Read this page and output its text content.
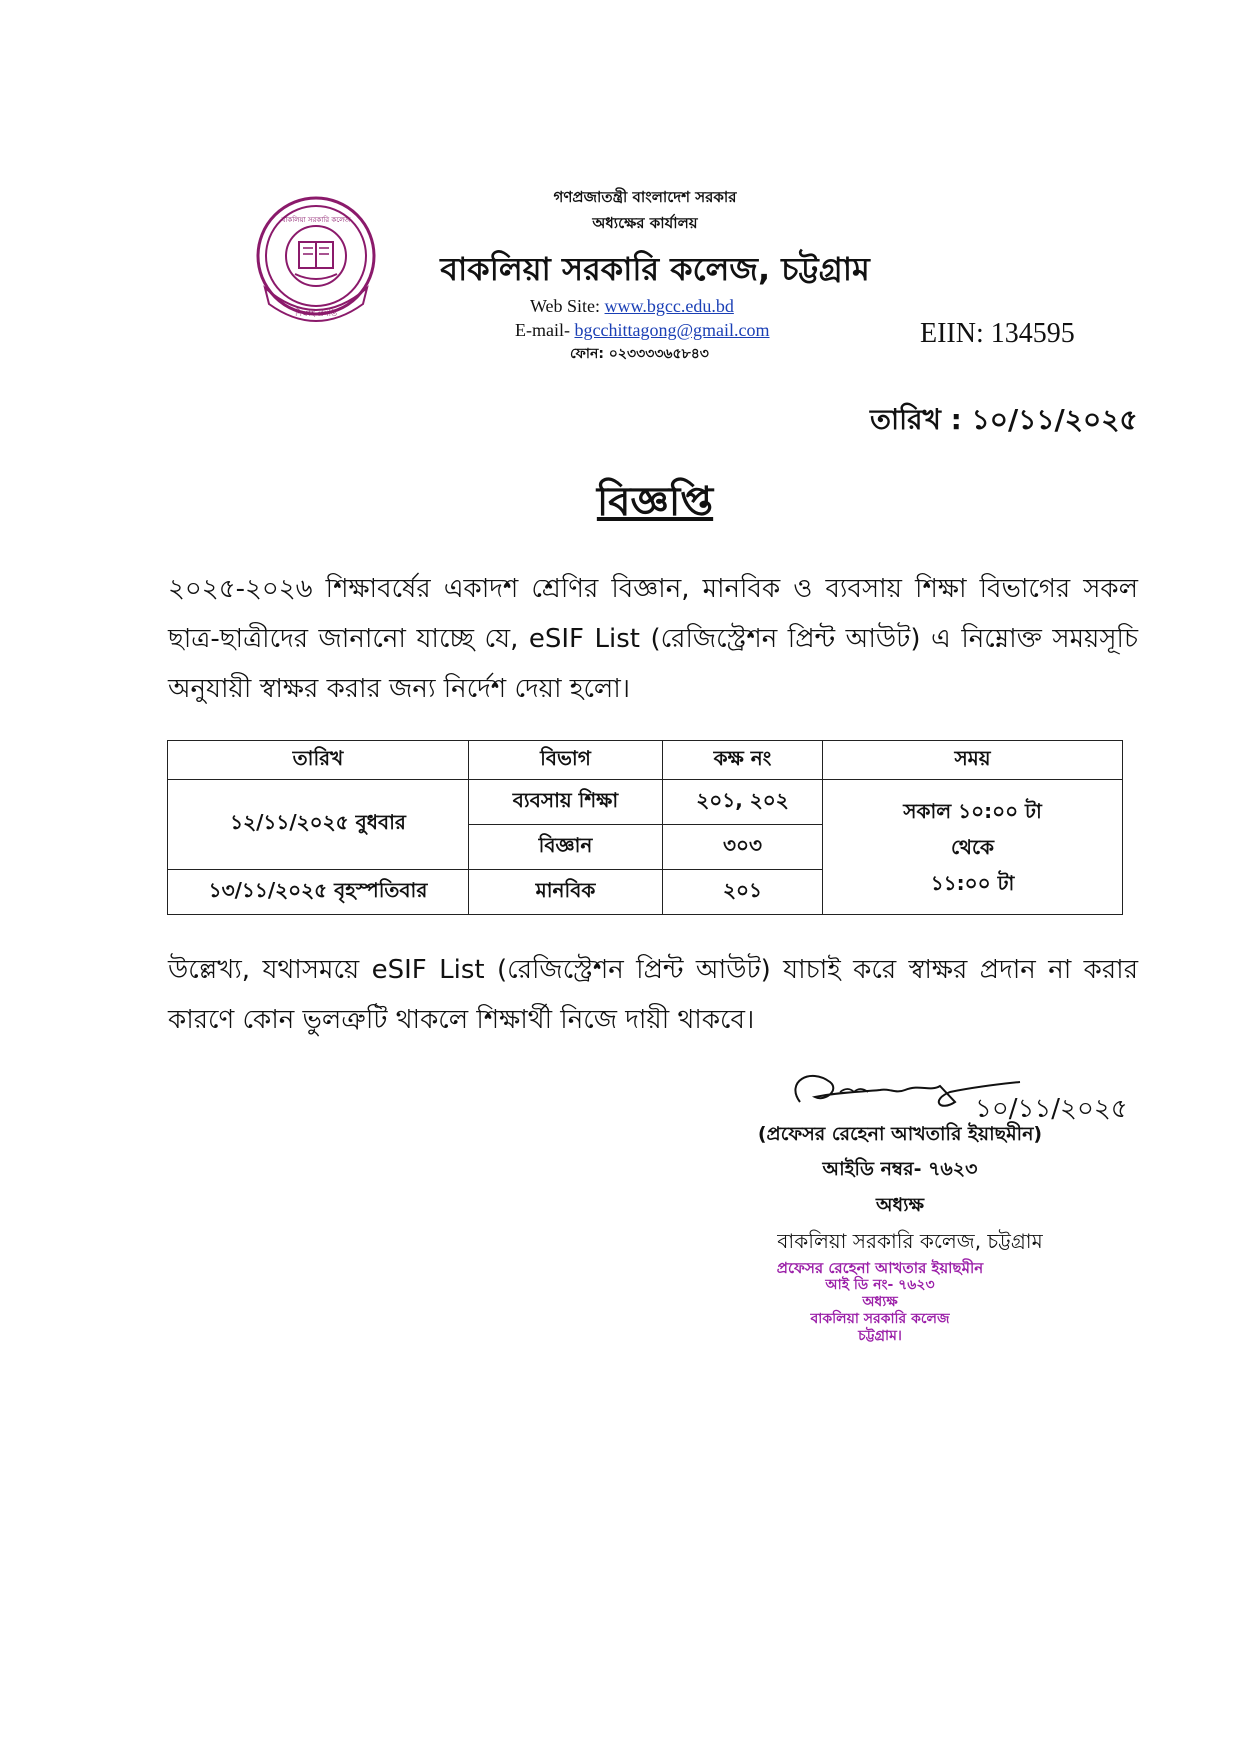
শিক্ষাই প্রগতি
বাকলিয়া সরকারি কলেজ
গণপ্রজাতন্ত্রী বাংলাদেশ সরকার
অধ্যক্ষের কার্যালয়
বাকলিয়া সরকারি কলেজ, চট্টগ্রাম
Web Site: www.bgcc.edu.bd
E-mail- bgcchittagong@gmail.com
ফোন: ০২৩৩৩৩৬৫৮৪৩
EIIN: 134595
তারিখ : ১০/১১/২০২৫
বিজ্ঞপ্তি
২০২৫-২০২৬ শিক্ষাবর্ষের একাদশ শ্রেণির বিজ্ঞান, মানবিক ও ব্যবসায় শিক্ষা বিভাগের সকল ছাত্র-ছাত্রীদের জানানো যাচ্ছে যে, eSIF List (রেজিস্ট্রেশন প্রিন্ট আউট) এ নিম্নোক্ত সময়সূচি অনুযায়ী স্বাক্ষর করার জন্য নির্দেশ দেয়া হলো।
তারিখ	বিভাগ	কক্ষ নং	সময়
১২/১১/২০২৫ বুধবার	ব্যবসায় শিক্ষা	২০১, ২০২	সকাল ১০:০০ টা
থেকে
১১:০০ টা

	বিজ্ঞান	৩০৩	
১৩/১১/২০২৫ বৃহস্পতিবার	মানবিক	২০১	
উল্লেখ্য, যথাসময়ে eSIF List (রেজিস্ট্রেশন প্রিন্ট আউট) যাচাই করে স্বাক্ষর প্রদান না করার কারণে কোন ভুলত্রুটি থাকলে শিক্ষার্থী নিজে দায়ী থাকবে।
১০/১১/২০২৫
(প্রফেসর রেহেনা আখতারি ইয়াছমীন)
আইডি নম্বর- ৭৬২৩
অধ্যক্ষ
বাকলিয়া সরকারি কলেজ, চট্টগ্রাম
প্রফেসর রেহেনা আখতার ইয়াছমীন
আই ডি নং- ৭৬২৩
অধ্যক্ষ
বাকলিয়া সরকারি কলেজ
চট্টগ্রাম।
